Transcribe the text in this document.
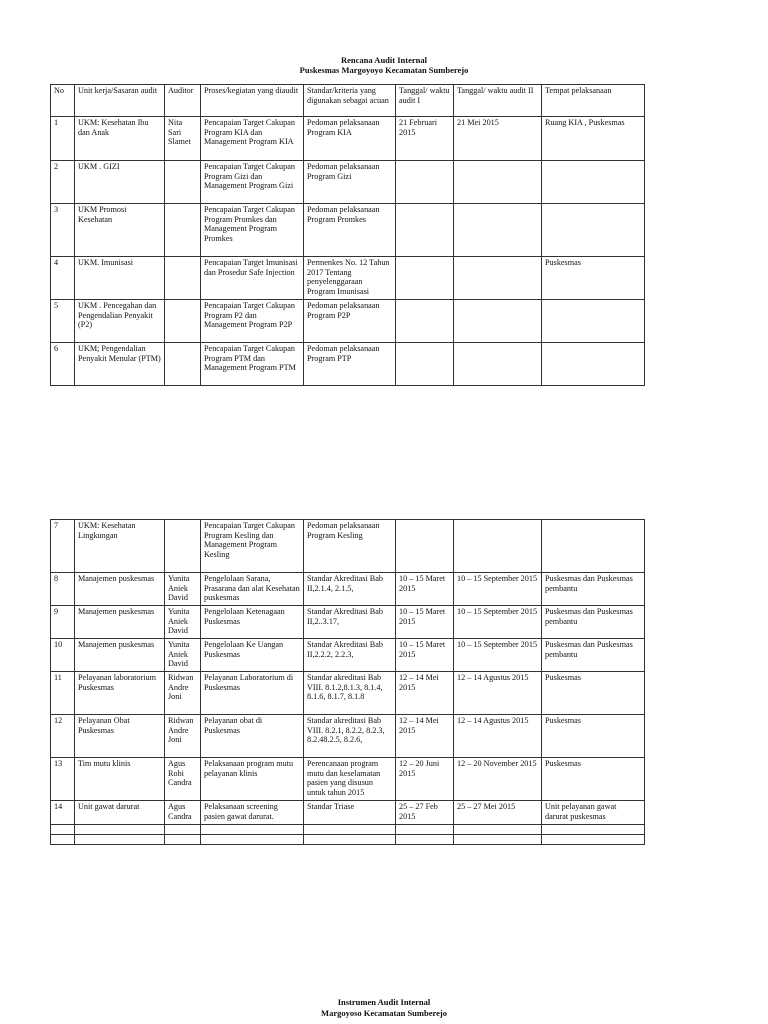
Rencana Audit Internal
Puskesmas Margoyoyo Kecamatan Sumberejo
No	Unit kerja/Sasaran audit	Auditor	Proses/kegiatan yang diaudit	Standar/kriteria yang digunakan sebagai acuan	Tanggal/ waktu audit I	Tanggal/ waktu audit II	Tempat pelaksanaan
1	UKM: Kesehatan Ibu dan Anak	Nita Sari Slamet	Pencapaian Target Cakupan Program KIA dan Management Program KIA	Pedoman pelaksanaan Program KIA	21 Februari 2015	21 Mei 2015	Ruang KIA , Puskesmas
2	UKM . GIZI		Pencapaian Target Cakupan Program Gizi dan Management Program Gizi	Pedoman pelaksanaan Program Gizi			
3	UKM Promosi Kesehatan		Pencapaian Target Cakupan Program Promkes dan Management Program Promkes	Pedoman pelaksanaan Program Promkes			
4	UKM. Imunisasi		Pencapaian Target Imunisasi dan Prosedur Safe Injection	Permenkes No. 12 Tahun 2017 Tentang penyelenggaraan Program Imunisasi			Puskesmas
5	UKM . Pencegahan dan Pengendalian Penyakit (P2)		Pencapaian Target Cakupan Program P2 dan Management Program P2P	Pedoman pelaksanaan Program P2P			
6	UKM; Pengendalian Penyakit Menular (PTM)		Pencapaian Target Cakupan Program PTM dan Management Program PTM	Pedoman pelaksanaan Program PTP			
7	UKM: Kesehatan Lingkungan		Pencapaian Target Cakupan Program Kesling dan Management Program Kesling	Pedoman pelaksanaan Program Kesling			
8	Manajemen puskesmas	Yunita Aniek David	Pengelolaan Sarana, Prasarana dan alat Kesehatan puskesmas	Standar Akreditasi Bab II,2.1.4, 2.1.5,	10 – 15 Maret 2015	10 – 15 September 2015	Puskesmas dan Puskesmas pembantu
9	Manajemen puskesmas	Yunita Aniek David	Pengelolaan Ketenagaan Puskesmas	Standar Akreditasi Bab II,2..3.17,	10 – 15 Maret 2015	10 – 15 September 2015	Puskesmas dan Puskesmas pembantu
10	Manajemen puskesmas	Yunita Aniek David	Pengelolaan Ke Uangan Puskesmas	Standar Akreditasi Bab II,2.2.2, 2.2.3,	10 – 15 Maret 2015	10 – 15 September 2015	Puskesmas dan Puskesmas pembantu
11	Pelayanan laboratorium Puskesmas	Ridwan Andre Joni	Pelayanan Laboratorium di Puskesmas	Standar akreditasi Bab VIII. 8.1.2,8.1.3, 8.1.4, 8.1.6, 8.1.7, 8.1.8	12 – 14 Mei 2015	12 – 14 Agustus 2015	Puskesmas
12	Pelayanan Obat Puskesmas	Ridwan Andre Joni	Pelayanan obat di Puskesmas	Standar akreditasi Bab VIII. 8.2.1, 8.2.2, 8.2.3, 8.2.48.2.5, 8.2.6,	12 – 14 Mei 2015	12 – 14 Agustus 2015	Puskesmas
13	Tim mutu klinis	Agus Robi Candra	Pelaksanaan program mutu pelayanan klinis	Perencanaan program mutu dan keselamatan pasien yang disusun untuk tahun 2015	12 – 20 Juni 2015	12 – 20 November 2015	Puskesmas
14	Unit gawat darurat	Agus Candra	Pelaksanaan screening pasien gawat darurat.	Standar Triase	25 – 27 Feb 2015	25 – 27 Mei 2015	Unit pelayanan gawat darurat puskesmas

Instrumen Audit Internal
Margoyoso Kecamatan Sumberejo
